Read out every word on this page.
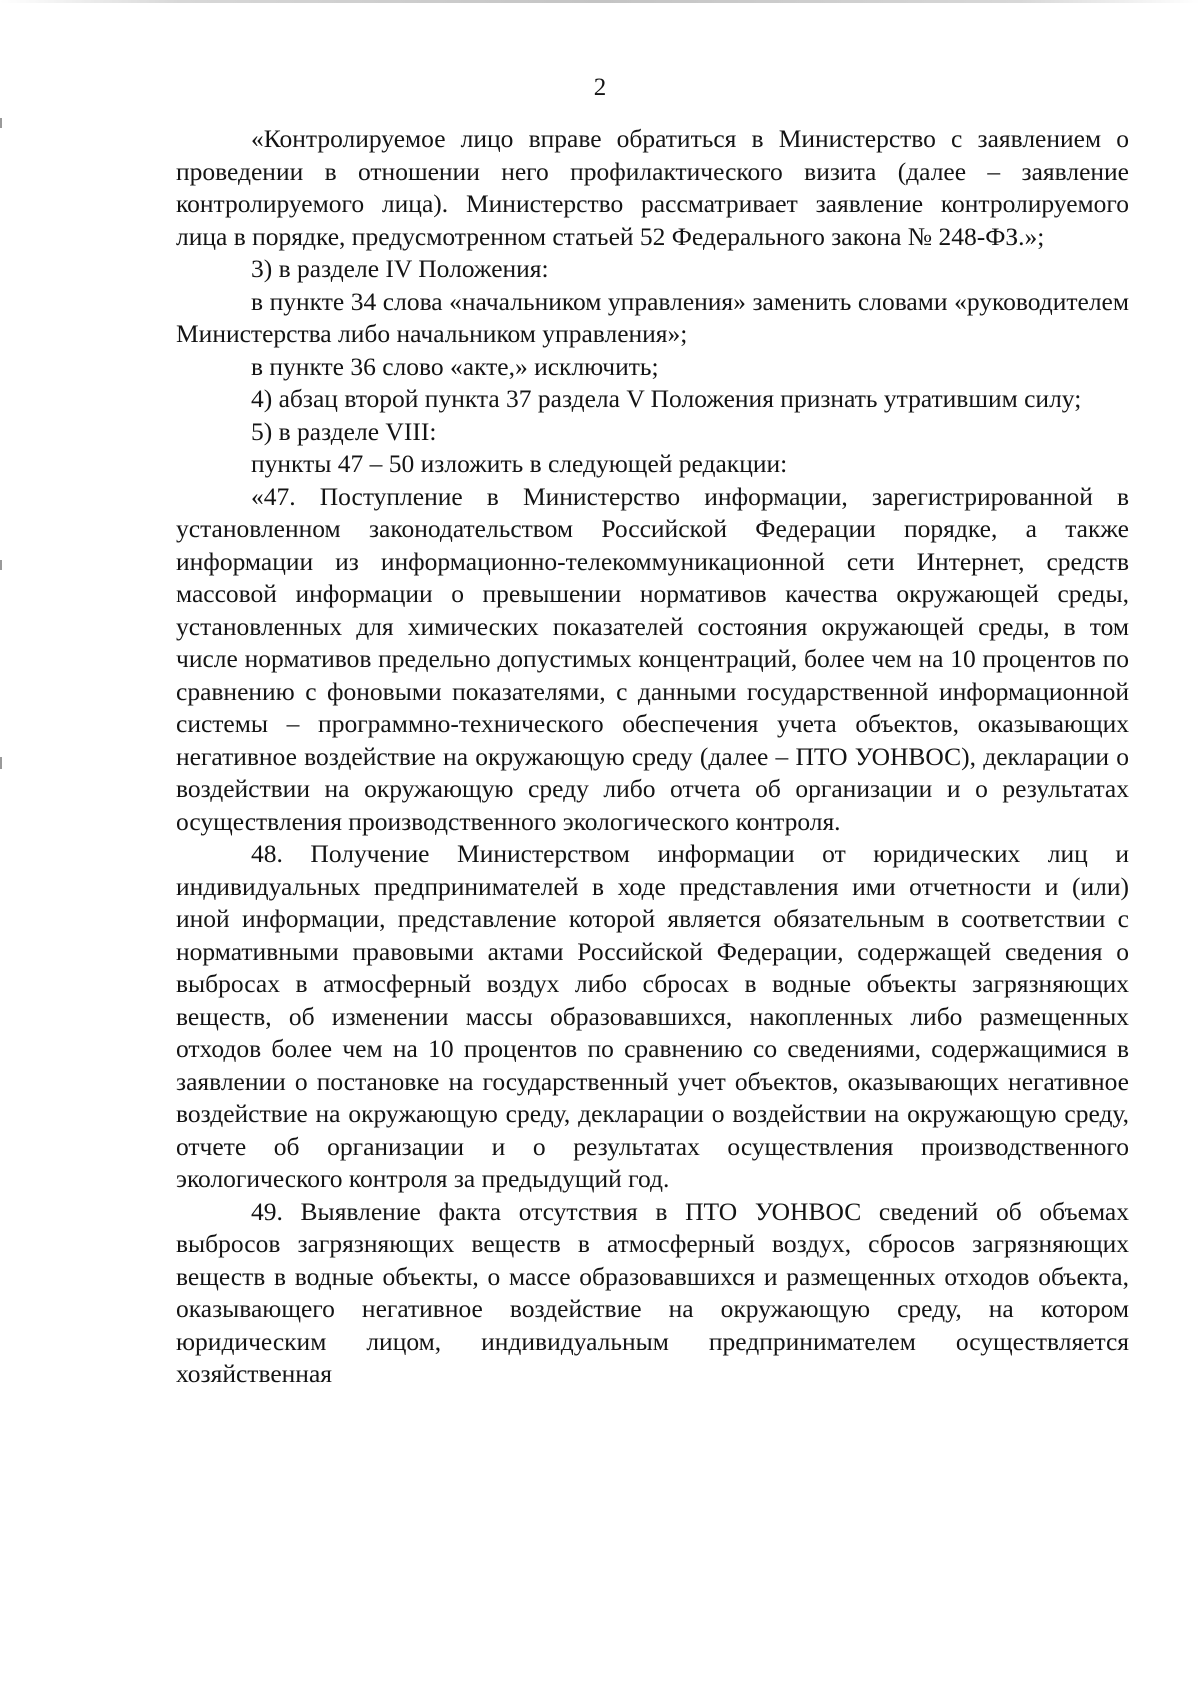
2

«Контролируемое лицо вправе обратиться в Министерство с заявлением о проведении в отношении него профилактического визита (далее – заявление контролируемого лица). Министерство рассматривает заявление контролируемого лица в порядке, предусмотренном статьей 52 Федерального закона № 248-ФЗ.»;

3) в разделе IV Положения:

в пункте 34 слова «начальником управления» заменить словами «руководителем Министерства либо начальником управления»;

в пункте 36 слово «акте,» исключить;

4) абзац второй пункта 37 раздела V Положения признать утратившим силу;

5) в разделе VIII:

пункты 47 – 50 изложить в следующей редакции:

«47. Поступление в Министерство информации, зарегистрированной в установленном законодательством Российской Федерации порядке, а также информации из информационно-телекоммуникационной сети Интернет, средств массовой информации о превышении нормативов качества окружающей среды, установленных для химических показателей состояния окружающей среды, в том числе нормативов предельно допустимых концентраций, более чем на 10 процентов по сравнению с фоновыми показателями, с данными государственной информационной системы – программно-технического обеспечения учета объектов, оказывающих негативное воздействие на окружающую среду (далее – ПТО УОНВОС), декларации о воздействии на окружающую среду либо отчета об организации и о результатах осуществления производственного экологического контроля.

48. Получение Министерством информации от юридических лиц и индивидуальных предпринимателей в ходе представления ими отчетности и (или) иной информации, представление которой является обязательным в соответствии с нормативными правовыми актами Российской Федерации, содержащей сведения о выбросах в атмосферный воздух либо сбросах в водные объекты загрязняющих веществ, об изменении массы образовавшихся, накопленных либо размещенных отходов более чем на 10 процентов по сравнению со сведениями, содержащимися в заявлении о постановке на государственный учет объектов, оказывающих негативное воздействие на окружающую среду, декларации о воздействии на окружающую среду, отчете об организации и о результатах осуществления производственного экологического контроля за предыдущий год.

49. Выявление факта отсутствия в ПТО УОНВОС сведений об объемах выбросов загрязняющих веществ в атмосферный воздух, сбросов загрязняющих веществ в водные объекты, о массе образовавшихся и размещенных отходов объекта, оказывающего негативное воздействие на окружающую среду, на котором юридическим лицом, индивидуальным предпринимателем осуществляется хозяйственная
